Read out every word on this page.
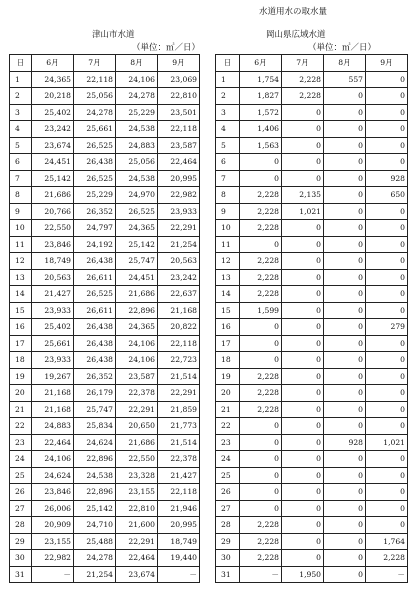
水道用水の取水量
津山市水道	岡山県広域水道
（単位：㎥／日）	（単位：㎥／日）
日	6月	7月	8月	9月
1	24,365	22,118	24,106	23,069
2	20,218	25,056	24,278	22,810
3	25,402	24,278	25,229	23,501
4	23,242	25,661	24,538	22,118
5	23,674	26,525	24,883	23,587
6	24,451	26,438	25,056	22,464
7	25,142	26,525	24,538	20,995
8	21,686	25,229	24,970	22,982
9	20,766	26,352	26,525	23,933
10	22,550	24,797	24,365	22,291
11	23,846	24,192	25,142	21,254
12	18,749	26,438	25,747	20,563
13	20,563	26,611	24,451	23,242
14	21,427	26,525	21,686	22,637
15	23,933	26,611	22,896	21,168
16	25,402	26,438	24,365	20,822
17	25,661	26,438	24,106	22,118
18	23,933	26,438	24,106	22,723
19	19,267	26,352	23,587	21,514
20	21,168	26,179	22,378	22,291
21	21,168	25,747	22,291	21,859
22	24,883	25,834	20,650	21,773
23	22,464	24,624	21,686	21,514
24	24,106	22,896	22,550	22,378
25	24,624	24,538	23,328	21,427
26	23,846	22,896	23,155	22,118
27	26,006	25,142	22,810	21,946
28	20,909	24,710	21,600	20,995
29	23,155	25,488	22,291	18,749
30	22,982	24,278	22,464	19,440
31	－	21,254	23,674	－
日	6月	7月	8月	9月
1	1,754	2,228	557	0
2	1,827	2,228	0	0
3	1,572	0	0	0
4	1,406	0	0	0
5	1,563	0	0	0
6	0	0	0	0
7	0	0	0	928
8	2,228	2,135	0	650
9	2,228	1,021	0	0
10	2,228	0	0	0
11	0	0	0	0
12	2,228	0	0	0
13	2,228	0	0	0
14	2,228	0	0	0
15	1,599	0	0	0
16	0	0	0	279
17	0	0	0	0
18	0	0	0	0
19	2,228	0	0	0
20	2,228	0	0	0
21	2,228	0	0	0
22	0	0	0	0
23	0	0	928	1,021
24	0	0	0	0
25	0	0	0	0
26	0	0	0	0
27	0	0	0	0
28	2,228	0	0	0
29	2,228	0	0	1,764
30	2,228	0	0	2,228
31	－	1,950	0	－
